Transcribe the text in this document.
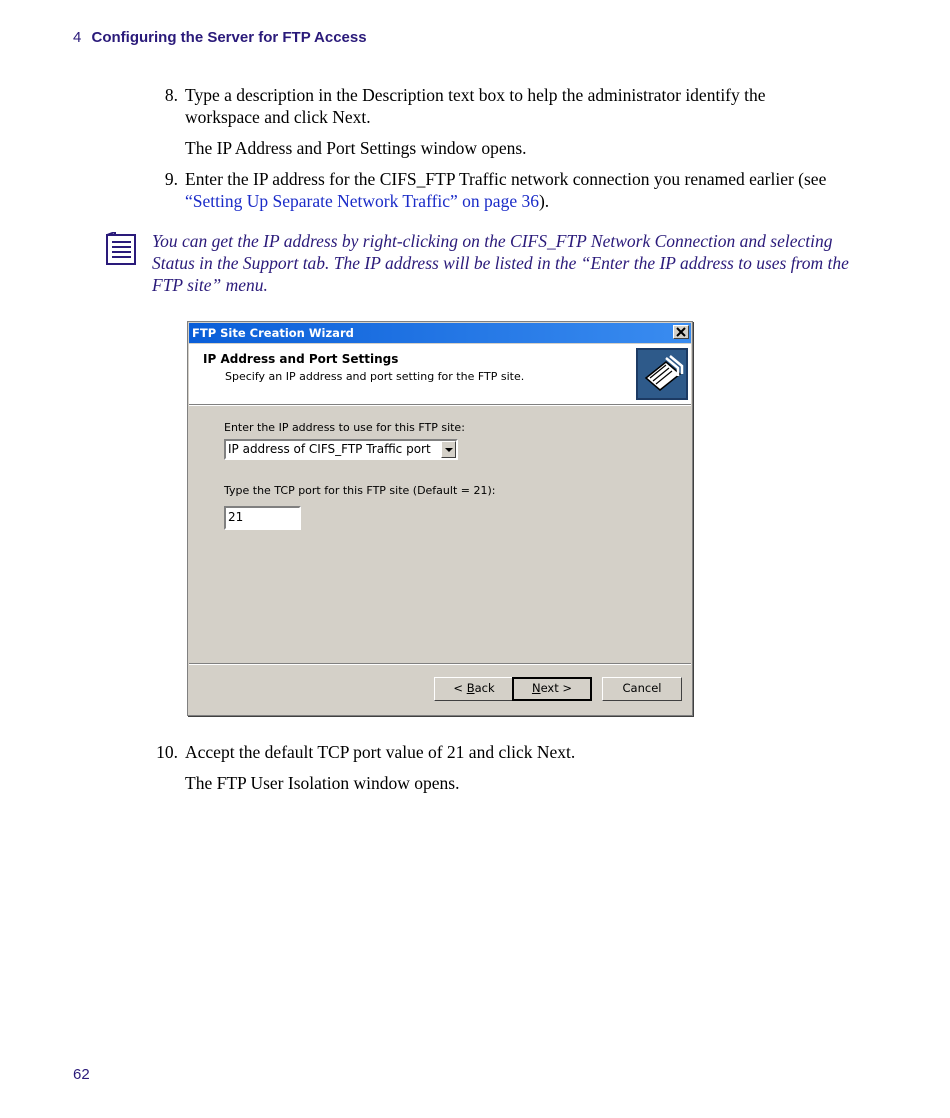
4 Configuring the Server for FTP Access
8. Type a description in the Description text box to help the administrator identify the workspace and click Next.
The IP Address and Port Settings window opens.
9. Enter the IP address for the CIFS_FTP Traffic network connection you renamed earlier (see “Setting Up Separate Network Traffic” on page 36).
You can get the IP address by right-clicking on the CIFS_FTP Network Connection and selecting Status in the Support tab. The IP address will be listed in the “Enter the IP address to uses from the FTP site” menu.
FTP Site Creation Wizard
IP Address and Port Settings
Specify an IP address and port setting for the FTP site.
Enter the IP address to use for this FTP site:
IP address of CIFS_FTP Traffic port
Type the TCP port for this FTP site (Default = 21):
21
< Back	Next >	Cancel
10. Accept the default TCP port value of 21 and click Next.
The FTP User Isolation window opens.
62
